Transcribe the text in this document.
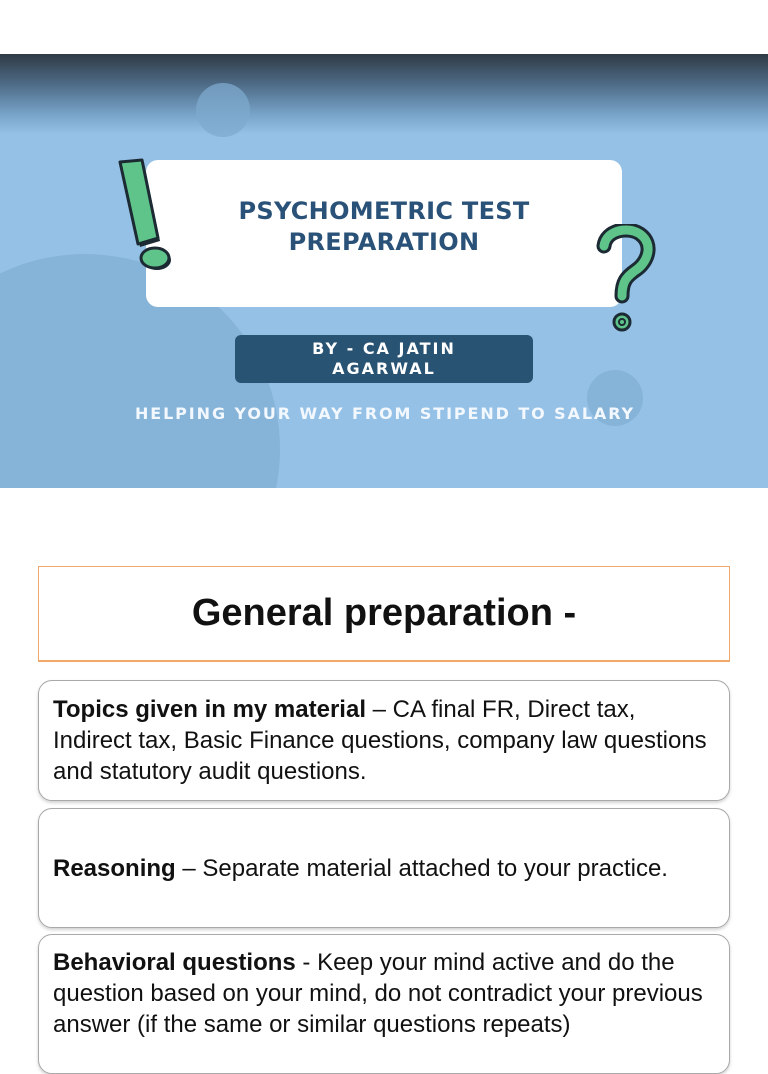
PSYCHOMETRIC TEST
PREPARATION
BY - CA JATIN
AGARWAL
HELPING YOUR WAY FROM STIPEND TO SALARY
General preparation -

Topics given in my material – CA final FR, Direct tax, Indirect tax, Basic Finance questions, company law questions and statutory audit questions.

Reasoning – Separate material attached to your practice.

Behavioral questions - Keep your mind active and do the question based on your mind, do not contradict your previous answer (if the same or similar questions repeats)
